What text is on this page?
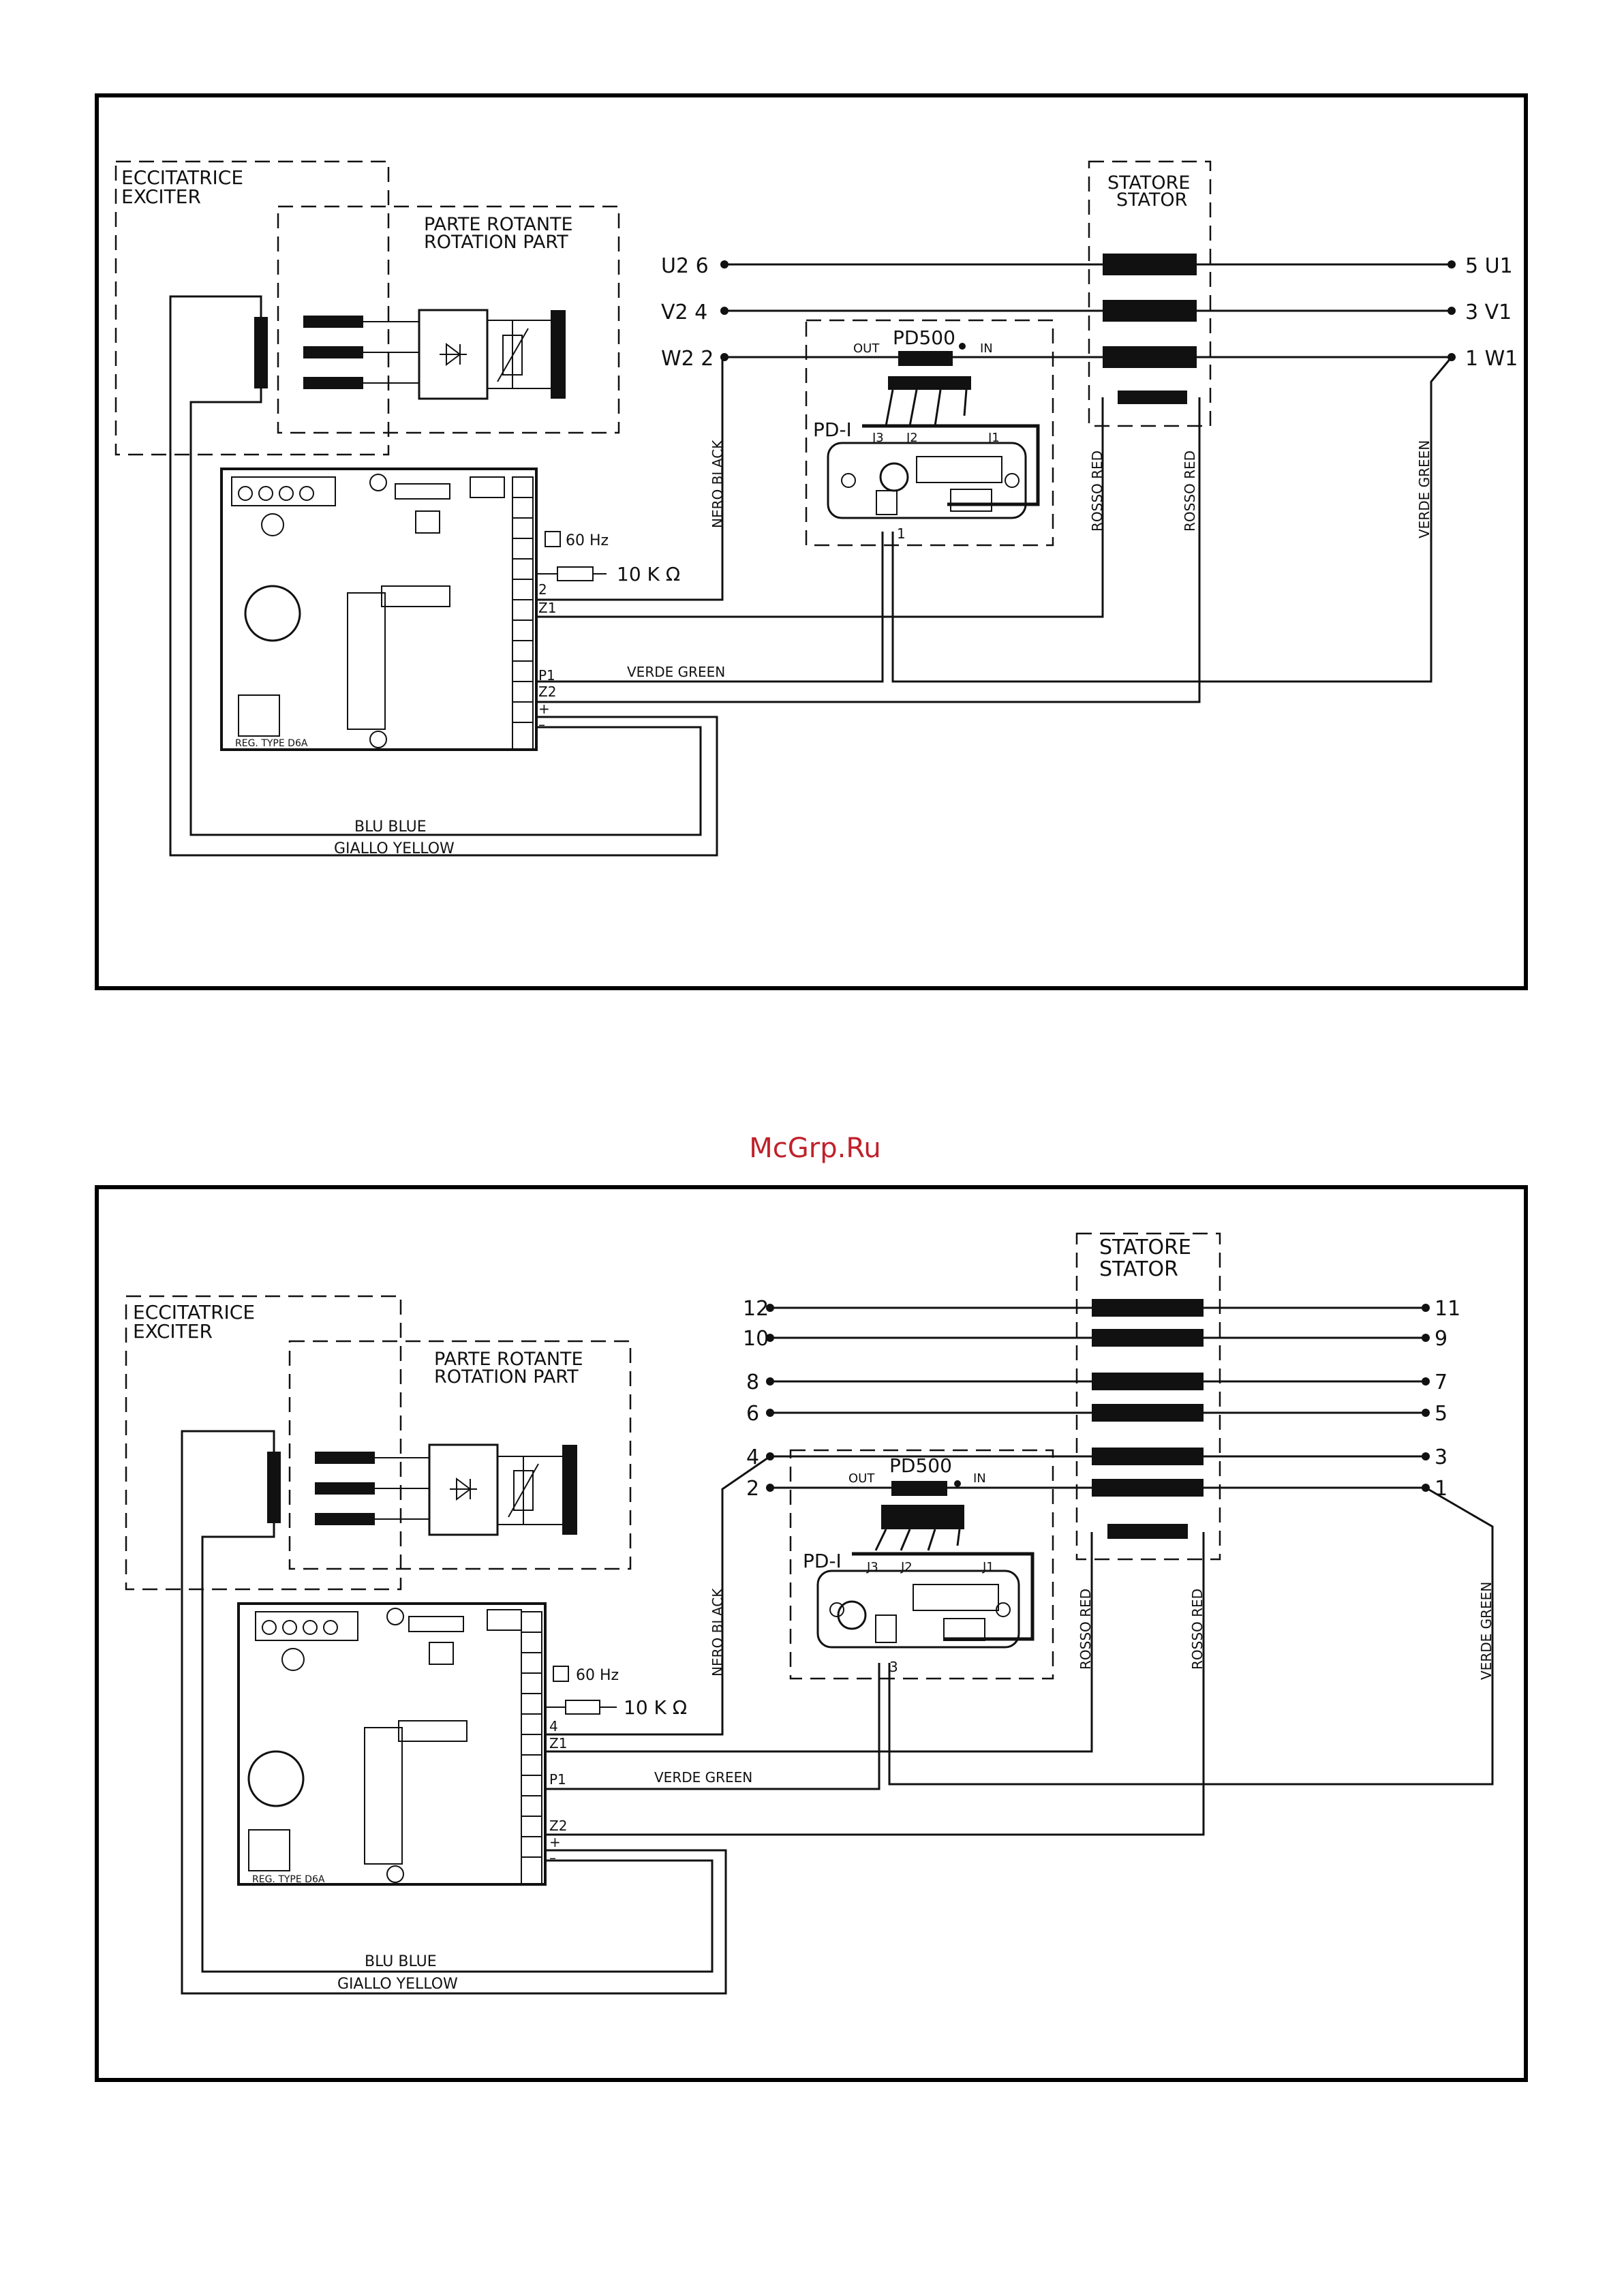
ECCITATRICE
EXCITER
PARTE ROTANTE
ROTATION PART
STATORE
STATOR
U2 6
V2 4
W2 2
5 U1
3 V1
1 W1
PD500
OUT	IN
PD-I J3 J2	J1
1
REG. TYPE D6A
60 Hz
10 K Ω
2
Z1
P1
Z2
+
–
NERO BLACK	ROSSO RED	ROSSO RED	VERDE GREEN
VERDE GREEN
BLU BLUE
GIALLO YELLOW
McGrp.Ru
ECCITATRICE
EXCITER
PARTE ROTANTE
ROTATION PART
STATORE
STATOR
12
10
8
6
4
2
11
9
7
5
3
1
PD500
OUT	IN
PD-I J3 J2	J1
3
REG. TYPE D6A
60 Hz
10 K Ω
4
Z1
P1
Z2
+
–
NERO BLACK	ROSSO RED	ROSSO RED	VERDE GREEN
VERDE GREEN
BLU BLUE
GIALLO YELLOW
